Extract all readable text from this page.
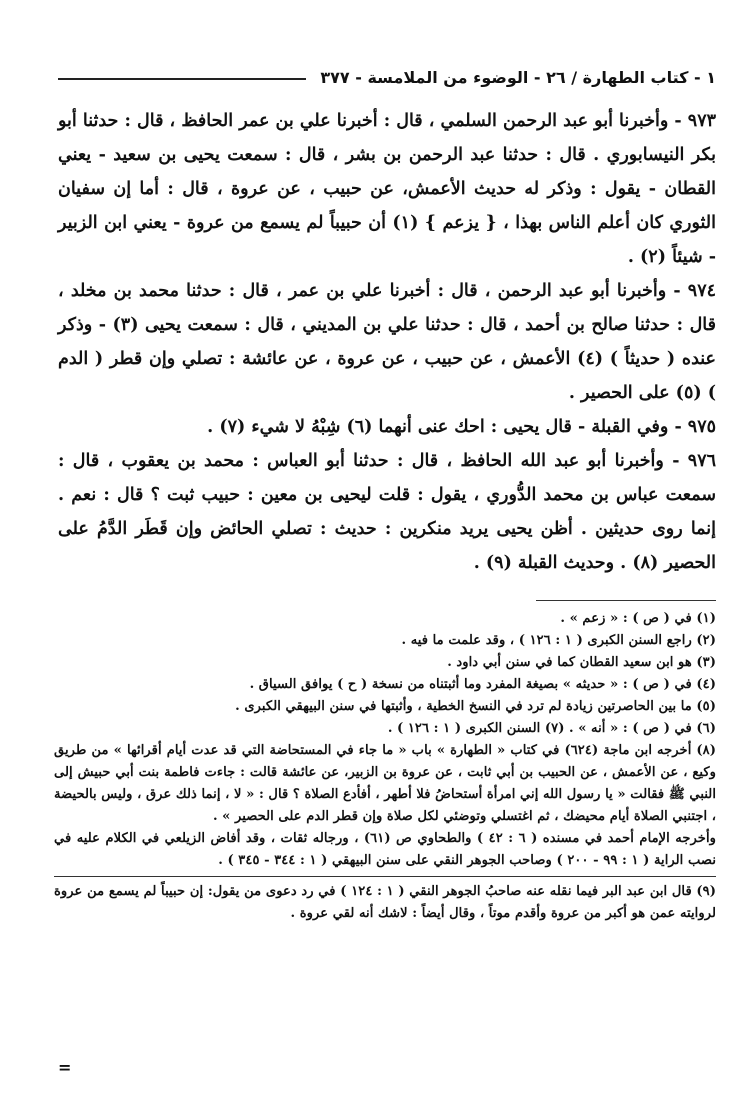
١ - كتاب الطهارة / ٢٦ - الوضوء من الملامسة - ٣٧٧

٩٧٣ - وأخبرنا أبو عبد الرحمن السلمي ، قال : أخبرنا علي بن عمر الحافظ ، قال : حدثنا أبو بكر النيسابوري . قال : حدثنا عبد الرحمن بن بشر ، قال : سمعت يحيى بن سعيد - يعني القطان - يقول : وذكر له حديث الأعمش، عن حبيب ، عن عروة ، قال : أما إن سفيان الثوري كان أعلم الناس بهذا ، { يزعم } (١) أن حبيباً لم يسمع من عروة - يعني ابن الزبير - شيئاً (٢) .

٩٧٤ - وأخبرنا أبو عبد الرحمن ، قال : أخبرنا علي بن عمر ، قال : حدثنا محمد بن مخلد ، قال : حدثنا صالح بن أحمد ، قال : حدثنا علي بن المديني ، قال : سمعت يحيى (٣) - وذكر عنده ( حديثاً ) (٤) الأعمش ، عن حبيب ، عن عروة ، عن عائشة : تصلي وإن قطر ( الدم ) (٥) على الحصير .

٩٧٥ - وفي القبلة - قال يحيى : احك عنى أنهما (٦) شِبْهُ لا شيء (٧) .

٩٧٦ - وأخبرنا أبو عبد الله الحافظ ، قال : حدثنا أبو العباس : محمد بن يعقوب ، قال : سمعت عباس بن محمد الدُّوري ، يقول : قلت ليحيى بن معين : حبيب ثبت ؟ قال : نعم . إنما روى حديثين . أظن يحيى يريد منكرين : حديث : تصلي الحائض وإن قَطَر الدَّمُ على الحصير (٨) . وحديث القبلة (٩) .

(١) في ( ص ) : « زعم » .

(٢) راجع السنن الكبرى ( ١ : ١٢٦ ) ، وقد علمت ما فيه .

(٣) هو ابن سعيد القطان كما في سنن أبي داود .

(٤) في ( ص ) : « حديثه » بصيغة المفرد وما أثبتناه من نسخة ( ح ) يوافق السياق .

(٥) ما بين الحاصرتين زيادة لم ترد في النسخ الخطية ، وأثبتها في سنن البيهقي الكبرى .

(٦) في ( ص ) : « أنه » . (٧) السنن الكبرى ( ١ : ١٢٦ ) .

(٨) أخرجه ابن ماجة (٦٢٤) في كتاب « الطهارة » باب « ما جاء في المستحاضة التي قد عدت أيام أقرائها » من طريق وكيع ، عن الأعمش ، عن الحبيب بن أبي ثابت ، عن عروة بن الزبير، عن عائشة قالت : جاءت فاطمة بنت أبي حبيش إلى النبي ﷺ فقالت « يا رسول الله إني امرأة أستحاضُ فلا أطهر ، أفأدع الصلاة ؟ قال : « لا ، إنما ذلك عرق ، وليس بالحيضة ، اجتنبي الصلاة أيام محيضك ، ثم اغتسلي وتوضئي لكل صلاة وإن قطر الدم على الحصير » .

وأخرجه الإمام أحمد في مسنده ( ٦ : ٤٢ ) والطحاوي ص (٦١) ، ورجاله ثقات ، وقد أفاض الزيلعي في الكلام عليه في نصب الراية ( ١ : ٩٩ - ٢٠٠ ) وصاحب الجوهر النقي على سنن البيهقي ( ١ : ٣٤٤ - ٣٤٥ ) .

(٩) قال ابن عبد البر فيما نقله عنه صاحبُ الجوهر النقي ( ١ : ١٢٤ ) في رد دعوى من يقول: إن حبيباً لم يسمع من عروة لروايته عمن هو أكبر من عروة وأقدم موتاً ، وقال أيضاً : لاشك أنه لقي عروة .

=
